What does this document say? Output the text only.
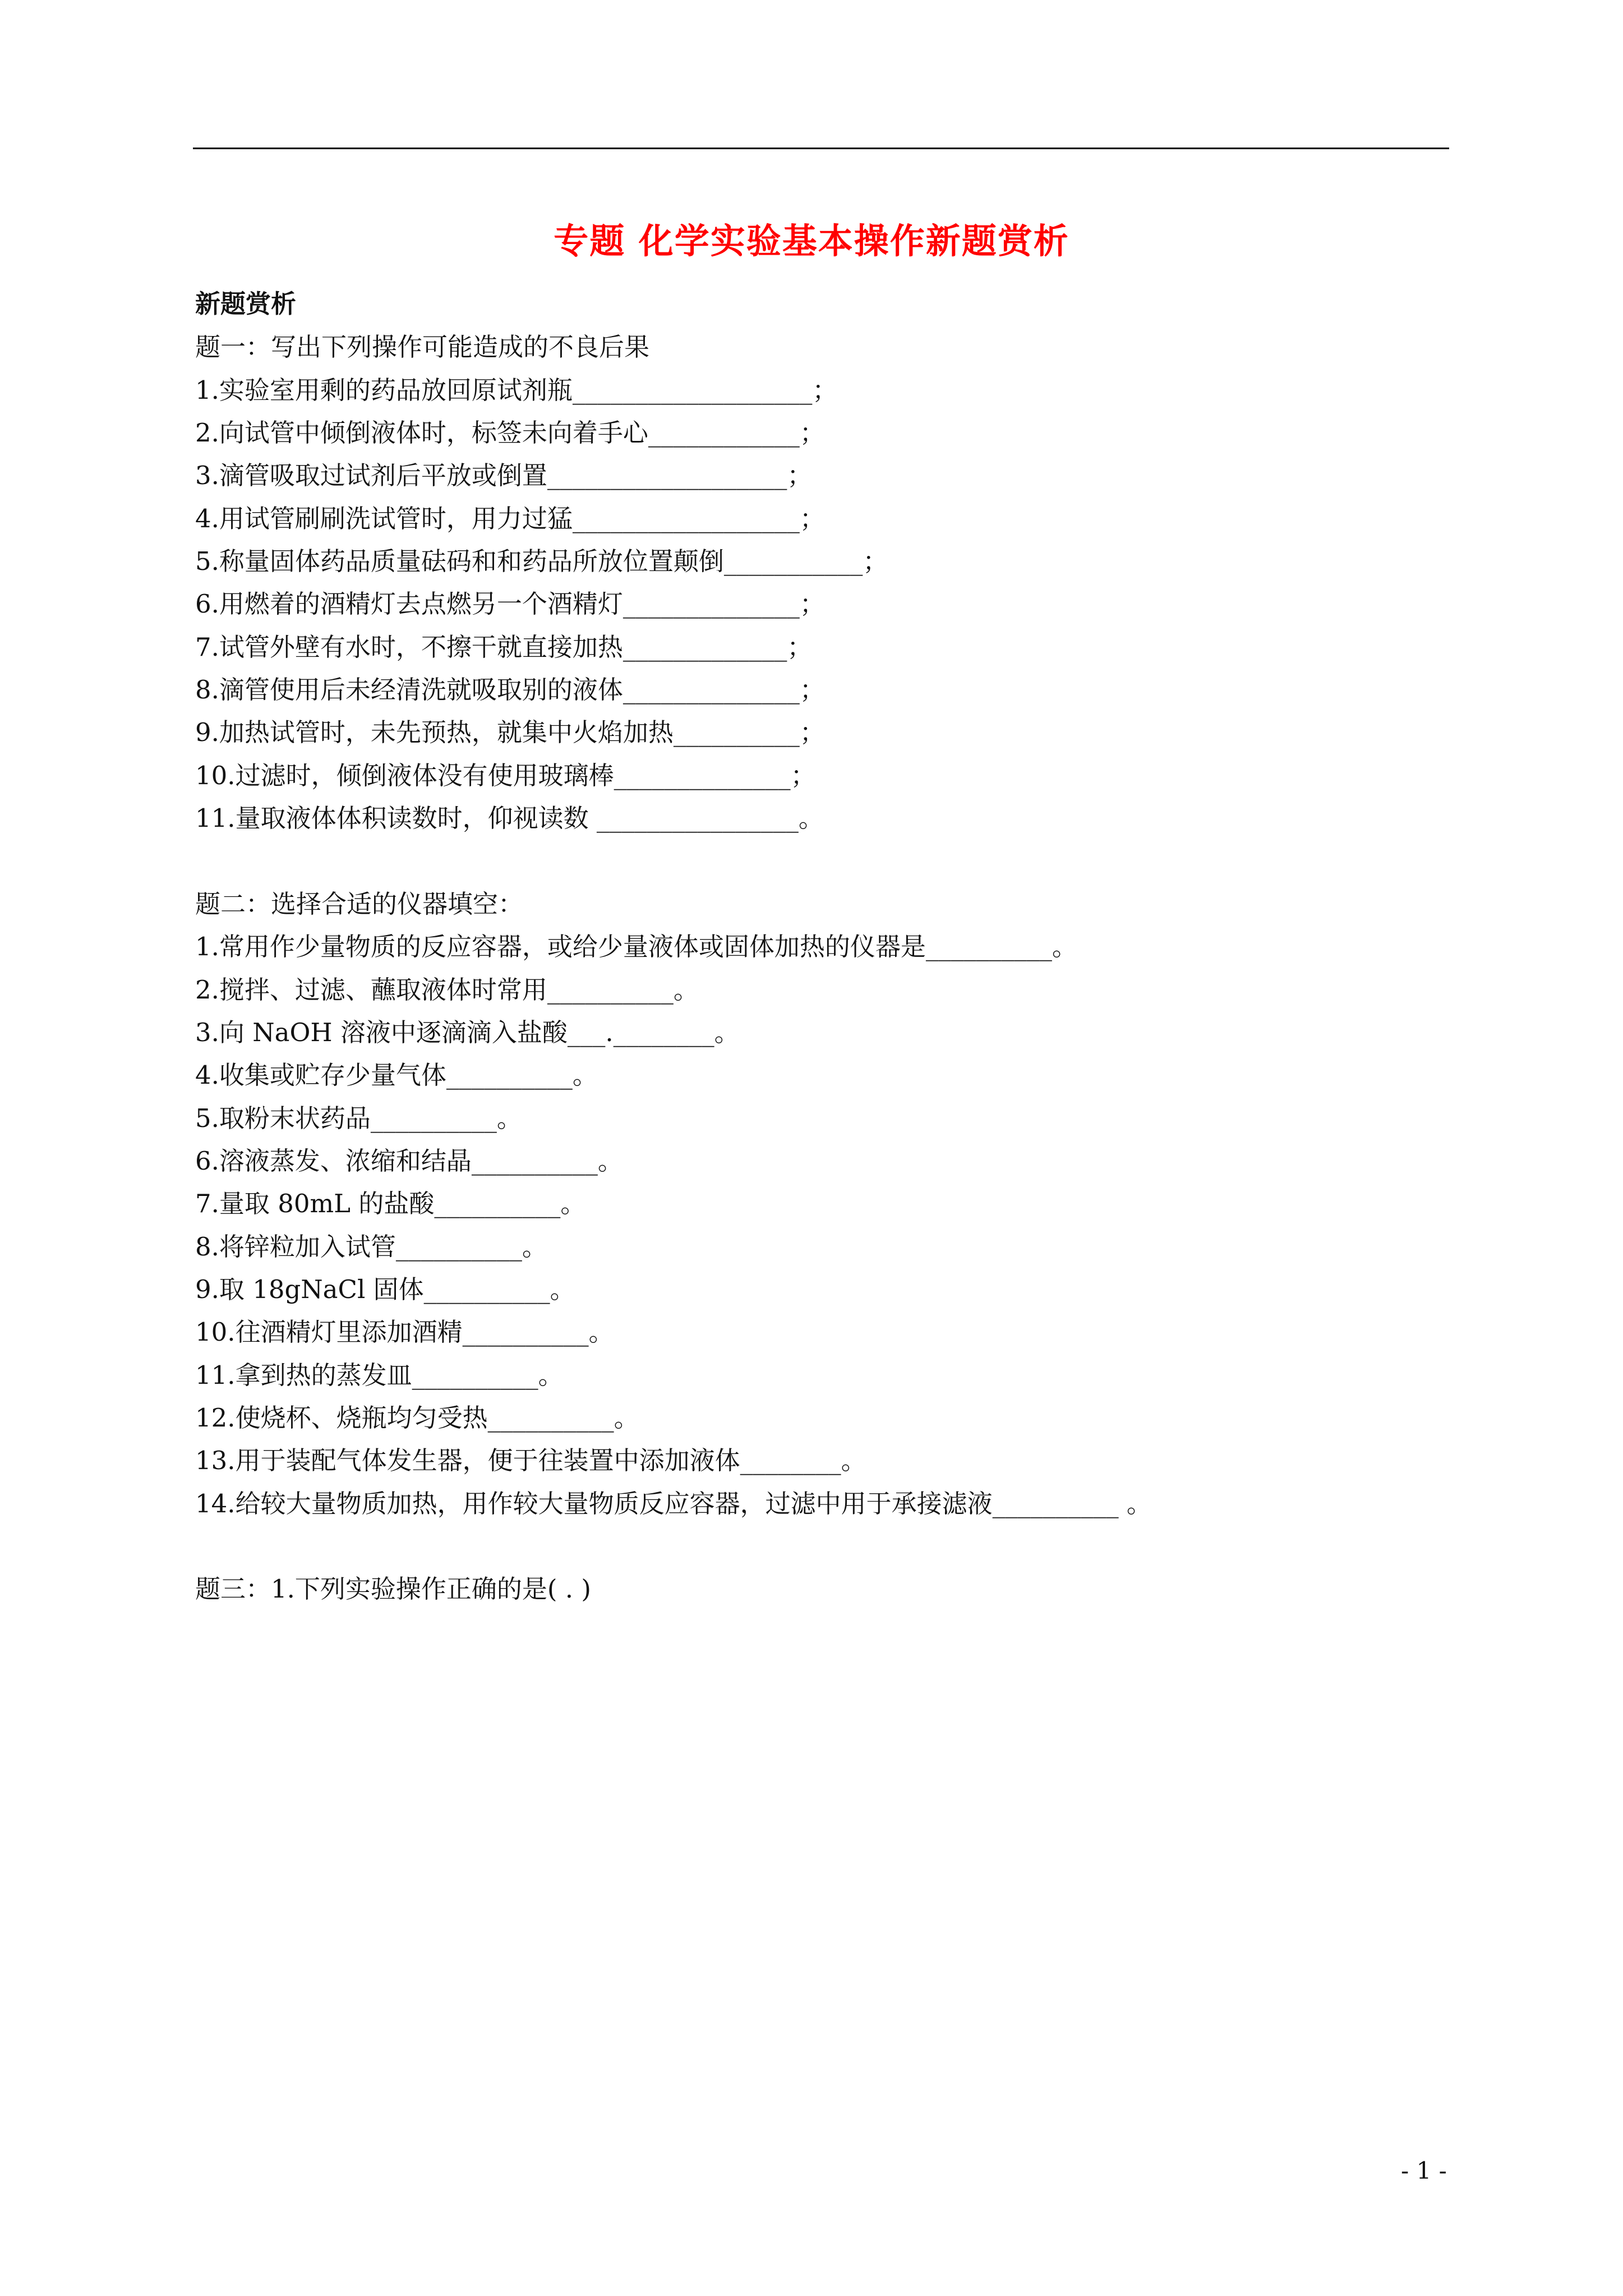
专题 化学实验基本操作新题赏析
新题赏析
题一：写出下列操作可能造成的不良后果
1.实验室用剩的药品放回原试剂瓶___________________；
2.向试管中倾倒液体时，标签未向着手心____________；
3.滴管吸取过试剂后平放或倒置___________________；
4.用试管刷刷洗试管时，用力过猛__________________；
5.称量固体药品质量砝码和和药品所放位置颠倒___________；
6.用燃着的酒精灯去点燃另一个酒精灯______________；
7.试管外壁有水时，不擦干就直接加热_____________；
8.滴管使用后未经清洗就吸取别的液体______________；
9.加热试管时，未先预热，就集中火焰加热__________；
10.过滤时，倾倒液体没有使用玻璃棒______________；
11.量取液体体积读数时，仰视读数 ________________。
题二：选择合适的仪器填空：
1.常用作少量物质的反应容器，或给少量液体或固体加热的仪器是__________。
2.搅拌、过滤、蘸取液体时常用__________。
3.向 NaOH 溶液中逐滴滴入盐酸___.________。
4.收集或贮存少量气体__________。
5.取粉末状药品__________。
6.溶液蒸发、浓缩和结晶__________。
7.量取 80mL 的盐酸__________。
8.将锌粒加入试管__________。
9.取 18gNaCl 固体__________。
10.往酒精灯里添加酒精__________。
11.拿到热的蒸发皿__________。
12.使烧杯、烧瓶均匀受热__________。
13.用于装配气体发生器，便于往装置中添加液体________。
14.给较大量物质加热，用作较大量物质反应容器，过滤中用于承接滤液__________ 。
题三：1.下列实验操作正确的是( . )
- 1 -
